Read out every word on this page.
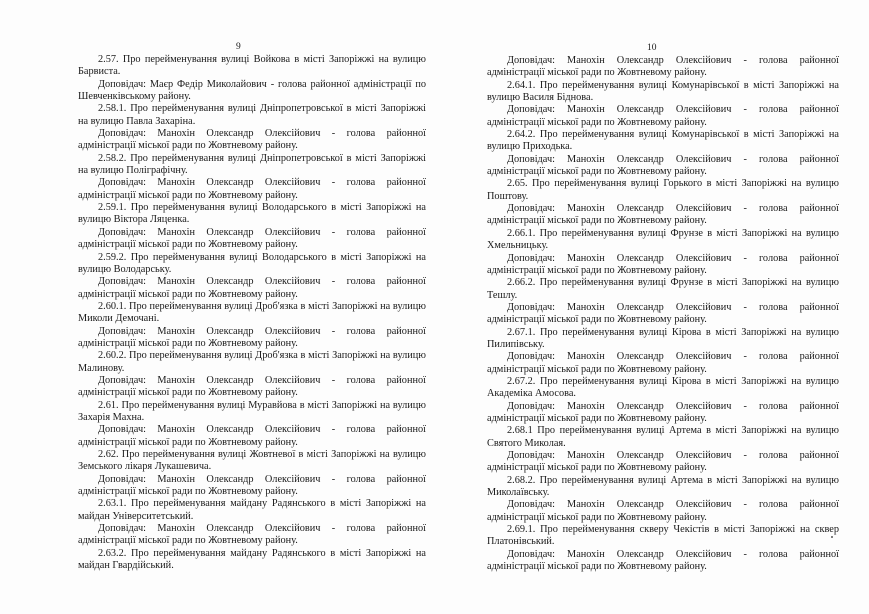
9

2.57. Про перейменування вулиці Войкова в місті Запоріжжі на вулицю Барвиста.

Доповідач: Маєр Федір Миколайович - голова районної адміністрації по Шевченківському району.

2.58.1. Про перейменування вулиці Дніпропетровської в місті Запоріжжі на вулицю Павла Захаріна.

Доповідач: Манохін Олександр Олексійович - голова районної адміністрації міської ради по Жовтневому району.

2.58.2. Про перейменування вулиці Дніпропетровської в місті Запоріжжі на вулицю Поліграфічну.

Доповідач: Манохін Олександр Олексійович - голова районної адміністрації міської ради по Жовтневому району.

2.59.1. Про перейменування вулиці Володарського в місті Запоріжжі на вулицю Віктора Ляценка.

Доповідач: Манохін Олександр Олексійович - голова районної адміністрації міської ради по Жовтневому району.

2.59.2. Про перейменування вулиці Володарського в місті Запоріжжі на вулицю Володарську.

Доповідач: Манохін Олександр Олексійович - голова районної адміністрації міської ради по Жовтневому району.

2.60.1. Про перейменування вулиці Дроб'язка в місті Запоріжжі на вулицю Миколи Демочані.

Доповідач: Манохін Олександр Олексійович - голова районної адміністрації міської ради по Жовтневому району.

2.60.2. Про перейменування вулиці Дроб'язка в місті Запоріжжі на вулицю Малинову.

Доповідач: Манохін Олександр Олексійович - голова районної адміністрації міської ради по Жовтневому району.

2.61. Про перейменування вулиці Муравйова в місті Запоріжжі на вулицю Захарія Махна.

Доповідач: Манохін Олександр Олексійович - голова районної адміністрації міської ради по Жовтневому району.

2.62. Про перейменування вулиці Жовтневої в місті Запоріжжі на вулицю Земського лікаря Лукашевича.

Доповідач: Манохін Олександр Олексійович - голова районної адміністрації міської ради по Жовтневому району.

2.63.1. Про перейменування майдану Радянського в місті Запоріжжі на майдан Університетський.

Доповідач: Манохін Олександр Олексійович - голова районної адміністрації міської ради по Жовтневому району.

2.63.2. Про перейменування майдану Радянського в місті Запоріжжі на майдан Гвардійський.

10

Доповідач: Манохін Олександр Олексійович - голова районної адміністрації міської ради по Жовтневому району.

2.64.1. Про перейменування вулиці Комунарівської в місті Запоріжжі на вулицю Василя Біднова.

Доповідач: Манохін Олександр Олексійович - голова районної адміністрації міської ради по Жовтневому району.

2.64.2. Про перейменування вулиці Комунарівської в місті Запоріжжі на вулицю Приходька.

Доповідач: Манохін Олександр Олексійович - голова районної адміністрації міської ради по Жовтневому району.

2.65. Про перейменування вулиці Горького в місті Запоріжжі на вулицю Поштову.

Доповідач: Манохін Олександр Олексійович - голова районної адміністрації міської ради по Жовтневому району.

2.66.1. Про перейменування вулиці Фрунзе в місті Запоріжжі на вулицю Хмельницьку.

Доповідач: Манохін Олександр Олексійович - голова районної адміністрації міської ради по Жовтневому району.

2.66.2. Про перейменування вулиці Фрунзе в місті Запоріжжі на вулицю Тешлу.

Доповідач: Манохін Олександр Олексійович - голова районної адміністрації міської ради по Жовтневому району.

2.67.1. Про перейменування вулиці Кірова в місті Запоріжжі на вулицю Пилипівську.

Доповідач: Манохін Олександр Олексійович - голова районної адміністрації міської ради по Жовтневому району.

2.67.2. Про перейменування вулиці Кірова в місті Запоріжжі на вулицю Академіка Амосова.

Доповідач: Манохін Олександр Олексійович - голова районної адміністрації міської ради по Жовтневому району.

2.68.1 Про перейменування вулиці Артема в місті Запоріжжі на вулицю Святого Миколая.

Доповідач: Манохін Олександр Олексійович - голова районної адміністрації міської ради по Жовтневому району.

2.68.2. Про перейменування вулиці Артема в місті Запоріжжі на вулицю Миколаївську.

Доповідач: Манохін Олександр Олексійович - голова районної адміністрації міської ради по Жовтневому району.

2.69.1. Про перейменування скверу Чекістів в місті Запоріжжі на сквер Платонівський.

Доповідач: Манохін Олександр Олексійович - голова районної адміністрації міської ради по Жовтневому району.
